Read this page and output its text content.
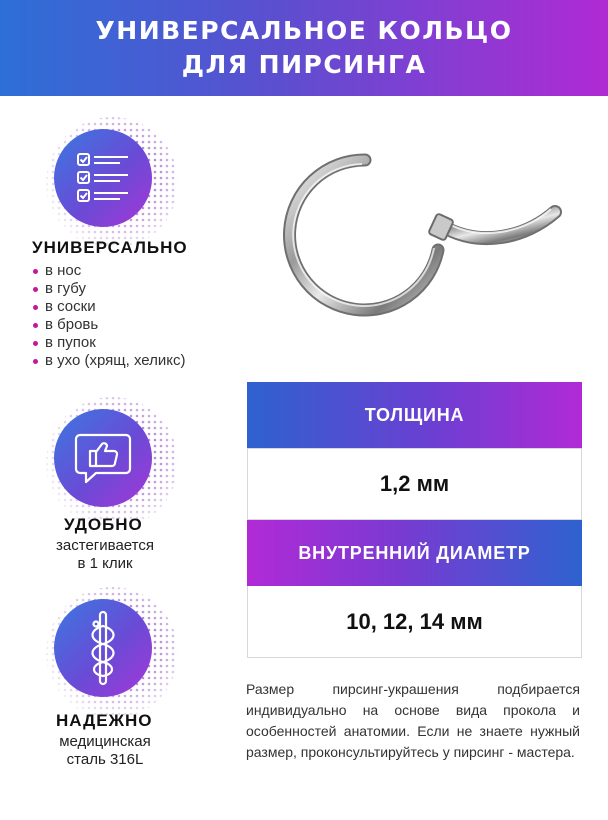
УНИВЕРСАЛЬНОЕ КОЛЬЦО
ДЛЯ ПИРСИНГА
УНИВЕРСАЛЬНО
в нос
в губу
в соски
в бровь
в пупок
в ухо (хрящ, хеликс)
УДОБНО
застегивается
в 1 клик
НАДЕЖНО
медицинская
сталь 316L
ТОЛЩИНА
1,2 мм
ВНУТРЕННИЙ ДИАМЕТР
10, 12, 14 мм
Размер пирсинг-украшения подбирается индивидуально на основе вида прокола и особенностей анатомии. Если не знаете нужный размер, проконсультируйтесь у пирсинг - мастера.
